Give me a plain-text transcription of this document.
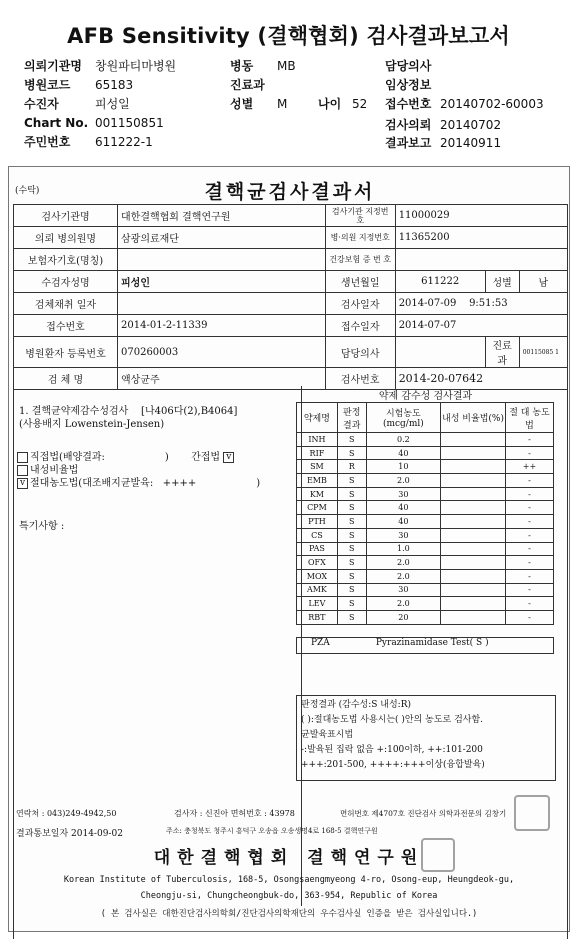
AFB Sensitivity (결핵협회) 검사결과보고서
나이 52
(수탁)	결핵균검사결과서
검사기관명	대한결핵협회 결핵연구원	검사기관 지정번호	11000029		
의뢰 병의원명	삼광의료재단	병·의원 지정번호	11365200		
보험자기호(명칭)		건강보험 증 번 호			
수검자성명	피성인	생년월일	611222	성별	남
검체채취 일자		검사일자	2014-07-09 9:51:53		
접수번호	2014-01-2-11339	접수일자	2014-07-07		
병원환자 등록번호	070260003	담당의사		진료과	00115085 1
검 체 명	액상균주	검사번호	2014-20-07642		
1. 결핵균약제감수성검사 [나406다(2),B4064]
(사용배지 Lowenstein-Jensen)
직접법(배양결과:	) 간접법 v
내성비율법
v 절대농도법(대조배지균발육: ++++	)
특기사항 :
약제 감수성 검사결과
약제명	판정 결과	시험농도 (mcg/ml)	내성 비율법(%)	절 대 농도법
INH	S	0.2		-
RIF	S	40		-
SM	R	10		++
EMB	S	2.0		-
KM	S	30		-
CPM	S	40		-
PTH	S	40		-
CS	S	30		-
PAS	S	1.0		-
OFX	S	2.0		-
MOX	S	2.0		-
AMK	S	30		-
LEV	S	2.0		-
RBT	S	20		-
PZA	Pyrazinamidase Test( S )
판정결과 (감수성:S 내성:R)
( ):절대농도법 사용시는( )안의 농도로 검사함.
균발육표시법
-:발육된 집락 없음 +:100이하, ++:101-200
+++:201-500, ++++:+++이상(융합발육)
연락처 : 043)249-4942,50	검사자 : 신진아 면허번호 : 43978	면허번호 제4707호 진단검사 의학과전문의 김창기
결과통보일자 2014-09-02	주소: 충청북도 청주시 흥덕구 오송읍 오송생명4로 168-5 결핵연구원
대한결핵협회 결핵연구원
Korean Institute of Tuberculosis, 168-5, Osongsaengmyeong 4-ro, Osong-eup, Heungdeok-gu,
Cheongju-si, Chungcheongbuk-do, 363-954, Republic of Korea
( 본 검사실은 대한진단검사의학회/진단검사의학재단의 우수검사실 인증을 받은 검사실입니다.)
의뢰기관명 창원파티마병원
병원코드 65183
수진자	피성일
Chart No. 001150851
주민번호 611222-1
병동 MB
진료과
성별 M
담당의사
임상정보
접수번호 20140702-60003
검사의뢰 20140702
결과보고 20140911
